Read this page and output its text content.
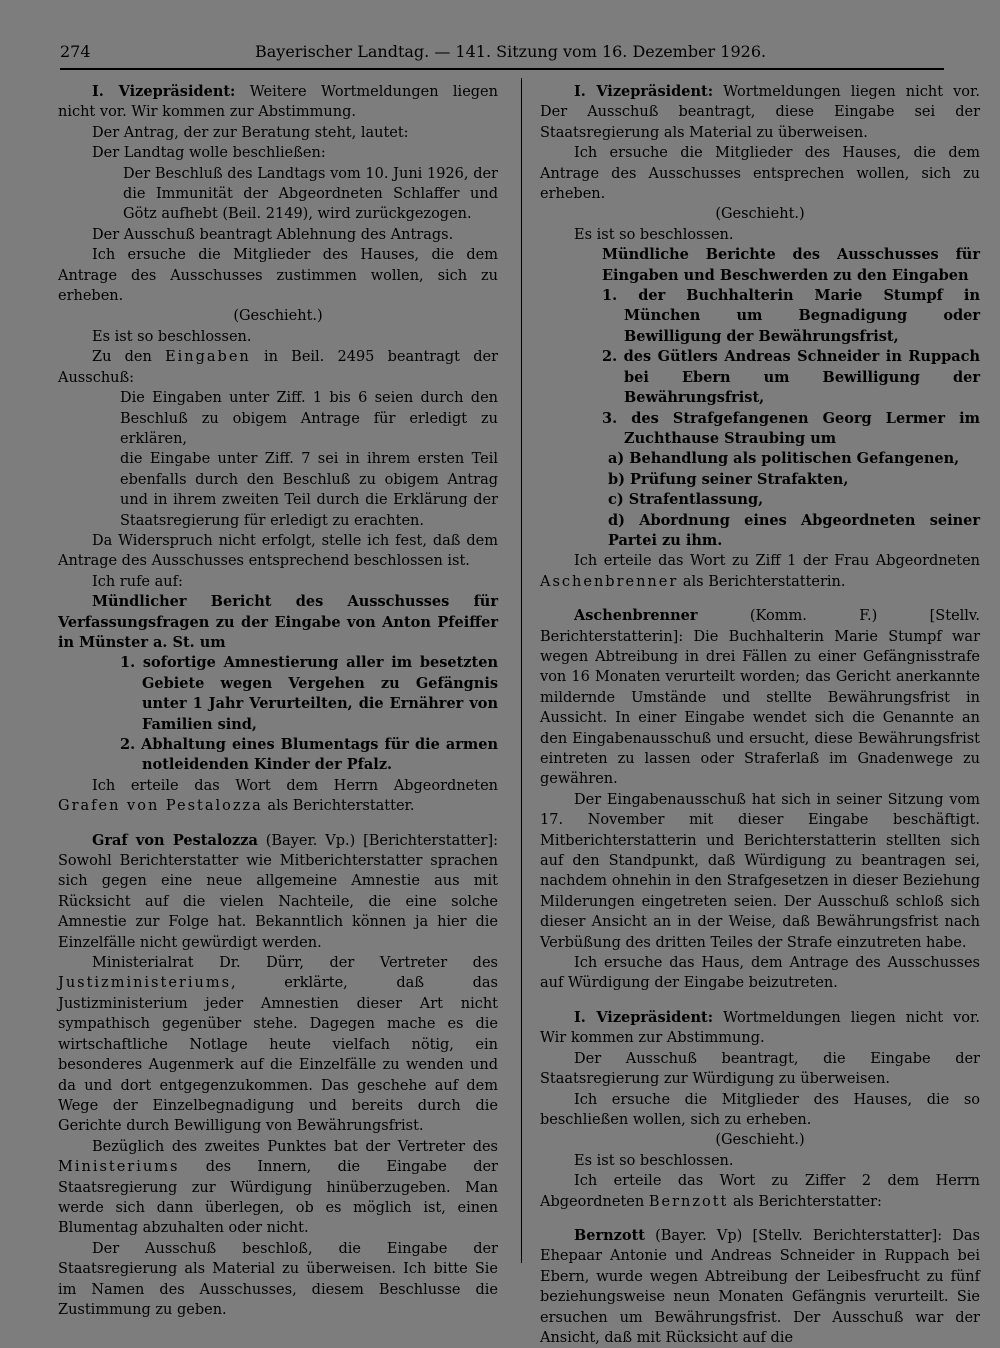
274	Bayerischer Landtag. — 141. Sitzung vom 16. Dezember 1926.

I. Vizepräsident: Weitere Wortmeldungen liegen nicht vor. Wir kommen zur Abstimmung.

Der Antrag, der zur Beratung steht, lautet:

Der Landtag wolle beschließen:

Der Beschluß des Landtags vom 10. Juni 1926, der die Immunität der Abgeordneten Schlaffer und Götz aufhebt (Beil. 2149), wird zurückgezogen.

Der Ausschuß beantragt Ablehnung des Antrags.

Ich ersuche die Mitglieder des Hauses, die dem Antrage des Ausschusses zustimmen wollen, sich zu erheben.

(Geschieht.)

Es ist so beschlossen.

Zu den Eingaben in Beil. 2495 beantragt der Ausschuß:

Die Eingaben unter Ziff. 1 bis 6 seien durch den Beschluß zu obigem Antrage für erledigt zu erklären,

die Eingabe unter Ziff. 7 sei in ihrem ersten Teil ebenfalls durch den Beschluß zu obigem Antrag und in ihrem zweiten Teil durch die Erklärung der Staatsregierung für erledigt zu erachten.

Da Widerspruch nicht erfolgt, stelle ich fest, daß dem Antrage des Ausschusses entsprechend beschlossen ist.

Ich rufe auf:

Mündlicher Bericht des Ausschusses für Verfassungsfragen zu der Eingabe von Anton Pfeiffer in Münster a. St. um

1. sofortige Amnestierung aller im besetzten Gebiete wegen Vergehen zu Gefängnis unter 1 Jahr Verurteilten, die Ernährer von Familien sind,

2. Abhaltung eines Blumentags für die armen notleidenden Kinder der Pfalz.

Ich erteile das Wort dem Herrn Abgeordneten Grafen von Pestalozza als Berichterstatter.

Graf von Pestalozza (Bayer. Vp.) [Berichterstatter]: Sowohl Berichterstatter wie Mitberichterstatter sprachen sich gegen eine neue allgemeine Amnestie aus mit Rücksicht auf die vielen Nachteile, die eine solche Amnestie zur Folge hat. Bekanntlich können ja hier die Einzelfälle nicht gewürdigt werden.

Ministerialrat Dr. Dürr, der Vertreter des Justizministeriums, erklärte, daß das Justizministerium jeder Amnestien dieser Art nicht sympathisch gegenüber stehe. Dagegen mache es die wirtschaftliche Notlage heute vielfach nötig, ein besonderes Augenmerk auf die Einzelfälle zu wenden und da und dort entgegenzukommen. Das geschehe auf dem Wege der Einzelbegnadigung und bereits durch die Gerichte durch Bewilligung von Bewährungsfrist.

Bezüglich des zweites Punktes bat der Vertreter des Ministeriums des Innern, die Eingabe der Staatsregierung zur Würdigung hinüberzugeben. Man werde sich dann überlegen, ob es möglich ist, einen Blumentag abzuhalten oder nicht.

Der Ausschuß beschloß, die Eingabe der Staatsregierung als Material zu überweisen. Ich bitte Sie im Namen des Ausschusses, diesem Beschlusse die Zustimmung zu geben.

I. Vizepräsident: Wortmeldungen liegen nicht vor. Der Ausschuß beantragt, diese Eingabe sei der Staatsregierung als Material zu überweisen.

Ich ersuche die Mitglieder des Hauses, die dem Antrage des Ausschusses entsprechen wollen, sich zu erheben.

(Geschieht.)

Es ist so beschlossen.

Mündliche Berichte des Ausschusses für Eingaben und Beschwerden zu den Eingaben

1. der Buchhalterin Marie Stumpf in München um Begnadigung oder Bewilligung der Bewährungsfrist,

2. des Gütlers Andreas Schneider in Ruppach bei Ebern um Bewilligung der Bewährungsfrist,

3. des Strafgefangenen Georg Lermer im Zuchthause Straubing um

a) Behandlung als politischen Gefangenen,

b) Prüfung seiner Strafakten,

c) Strafentlassung,

d) Abordnung eines Abgeordneten seiner Partei zu ihm.

Ich erteile das Wort zu Ziff 1 der Frau Abgeordneten Aschenbrenner als Berichterstatterin.

Aschenbrenner (Komm. F.) [Stellv. Berichterstatterin]: Die Buchhalterin Marie Stumpf war wegen Abtreibung in drei Fällen zu einer Gefängnisstrafe von 16 Monaten verurteilt worden; das Gericht anerkannte mildernde Umstände und stellte Bewährungsfrist in Aussicht. In einer Eingabe wendet sich die Genannte an den Eingabenausschuß und ersucht, diese Bewährungsfrist eintreten zu lassen oder Straferlaß im Gnadenwege zu gewähren.

Der Eingabenausschuß hat sich in seiner Sitzung vom 17. November mit dieser Eingabe beschäftigt. Mitberichterstatterin und Berichterstatterin stellten sich auf den Standpunkt, daß Würdigung zu beantragen sei, nachdem ohnehin in den Strafgesetzen in dieser Beziehung Milderungen eingetreten seien. Der Ausschuß schloß sich dieser Ansicht an in der Weise, daß Bewährungsfrist nach Verbüßung des dritten Teiles der Strafe einzutreten habe.

Ich ersuche das Haus, dem Antrage des Ausschusses auf Würdigung der Eingabe beizutreten.

I. Vizepräsident: Wortmeldungen liegen nicht vor. Wir kommen zur Abstimmung.

Der Ausschuß beantragt, die Eingabe der Staatsregierung zur Würdigung zu überweisen.

Ich ersuche die Mitglieder des Hauses, die so beschließen wollen, sich zu erheben.

(Geschieht.)

Es ist so beschlossen.

Ich erteile das Wort zu Ziffer 2 dem Herrn Abgeordneten Bernzott als Berichterstatter:

Bernzott (Bayer. Vp) [Stellv. Berichterstatter]: Das Ehepaar Antonie und Andreas Schneider in Ruppach bei Ebern, wurde wegen Abtreibung der Leibesfrucht zu fünf beziehungsweise neun Monaten Gefängnis verurteilt. Sie ersuchen um Bewährungsfrist. Der Ausschuß war der Ansicht, daß mit Rücksicht auf die
